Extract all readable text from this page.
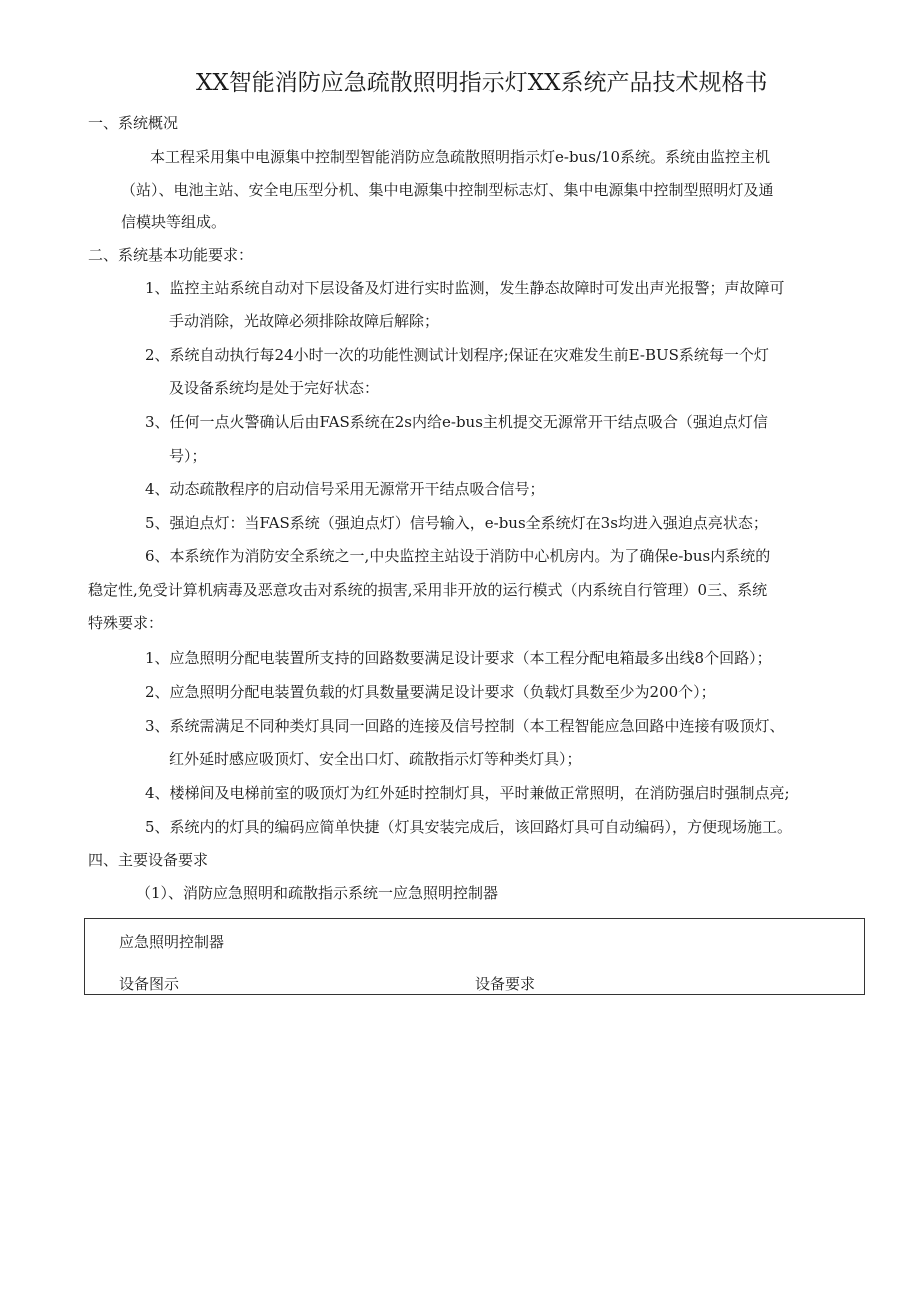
XX智能消防应急疏散照明指示灯XX系统产品技术规格书
一、系统概况
本工程采用集中电源集中控制型智能消防应急疏散照明指示灯e-bus/10系统。系统由监控主机
（站）、电池主站、安全电压型分机、集中电源集中控制型标志灯、集中电源集中控制型照明灯及通
信模块等组成。
二、系统基本功能要求：
1、监控主站系统自动对下层设备及灯进行实时监测，发生静态故障时可发出声光报警；声故障可
手动消除，光故障必须排除故障后解除；
2、系统自动执行每24小时一次的功能性测试计划程序;保证在灾难发生前E-BUS系统每一个灯
及设备系统均是处于完好状态：
3、任何一点火警确认后由FAS系统在2s内给e-bus主机提交无源常开干结点吸合（强迫点灯信
号）；
4、动态疏散程序的启动信号采用无源常开干结点吸合信号；
5、强迫点灯：当FAS系统（强迫点灯）信号输入，e-bus全系统灯在3s均进入强迫点亮状态；
6、本系统作为消防安全系统之一,中央监控主站设于消防中心机房内。为了确保e-bus内系统的
稳定性,免受计算机病毒及恶意攻击对系统的损害,采用非开放的运行模式（内系统自行管理）0三、系统
特殊要求：
1、应急照明分配电装置所支持的回路数要满足设计要求（本工程分配电箱最多出线8个回路）；
2、应急照明分配电装置负载的灯具数量要满足设计要求（负载灯具数至少为200个）；
3、系统需满足不同种类灯具同一回路的连接及信号控制（本工程智能应急回路中连接有吸顶灯、
红外延时感应吸顶灯、安全出口灯、疏散指示灯等种类灯具）；
4、楼梯间及电梯前室的吸顶灯为红外延时控制灯具，平时兼做正常照明，在消防强启时强制点亮;
5、系统内的灯具的编码应简单快捷（灯具安装完成后，该回路灯具可自动编码），方便现场施工。
四、主要设备要求
（1）、消防应急照明和疏散指示系统一应急照明控制器
应急照明控制器
设备图示	设备要求
